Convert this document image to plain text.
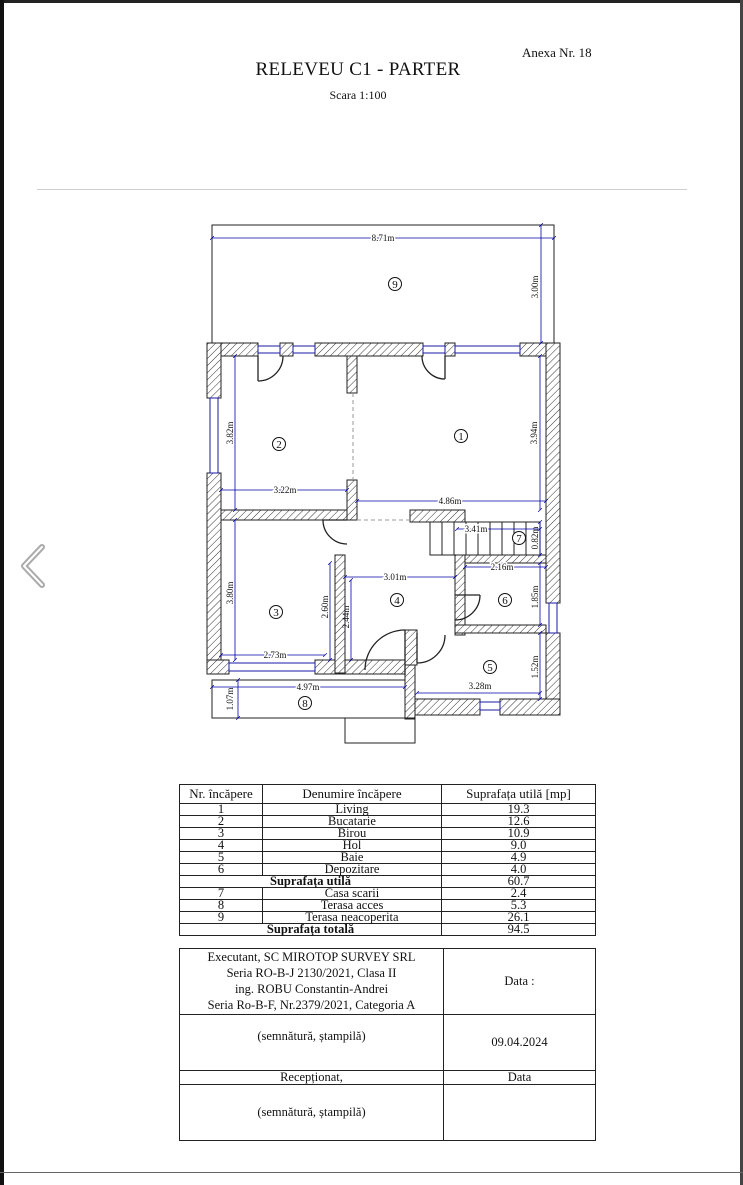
Anexa Nr. 18
RELEVEU C1 - PARTER
Scara 1:100
8.71m
3.00m
3.82m	3.94m
3.22m
4.86m
3.41m	0.82m
3.01m
2.16m
3.80m
2.60m 2.44m
1.85m
2.73m
1.52m
3.28m
4.97m
1.07m
9
2
1
7
3
4	6
5
8
Nr. încăpere	Denumire încăpere	Suprafața utilă [mp]
1	Living	19.3
2	Bucatarie	12.6
3	Birou	10.9
4	Hol	9.0
5	Baie	4.9
6	Depozitare	4.0
Suprafața utilă		60.7
7	Casa scarii	2.4
8	Terasa acces	5.3
9	Terasa neacoperita	26.1
Suprafața totală		94.5
Executant, SC MIROTOP SURVEY SRL
Seria RO-B-J 2130/2021, Clasa II
ing. ROBU Constantin-Andrei
Seria Ro-B-F, Nr.2379/2021, Categoria A	Data :
(semnătură, ștampilă)	09.04.2024
Recepționat,	Data
(semnătură, ștampilă)	
